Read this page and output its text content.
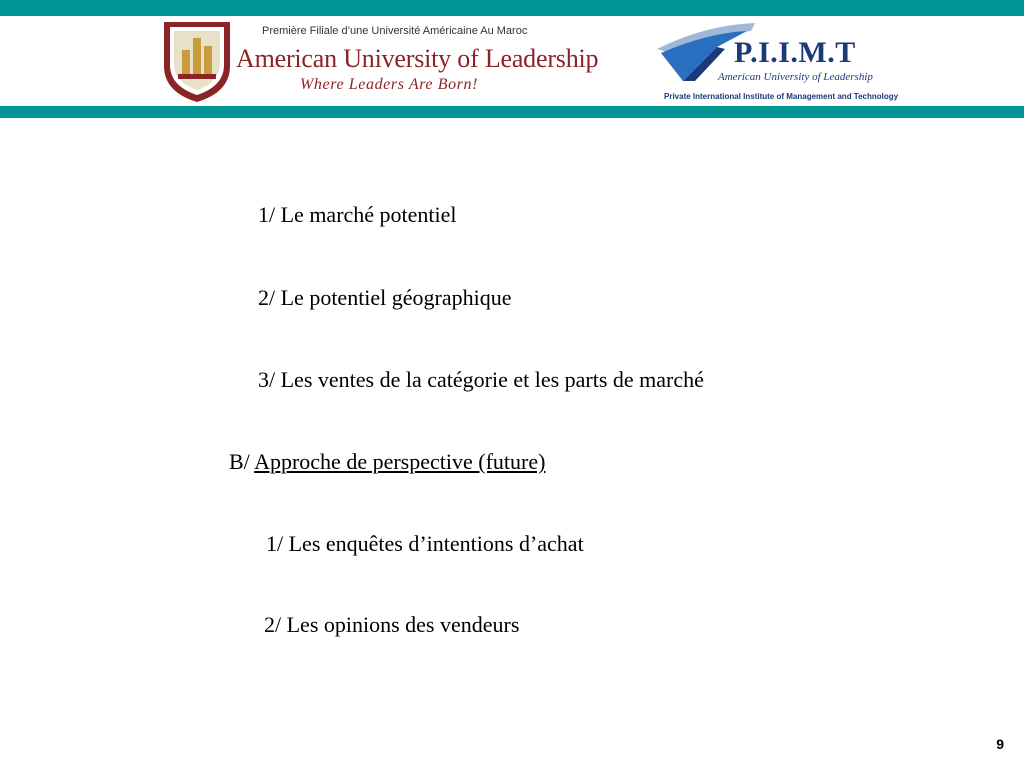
Première Filiale d’une Université Américaine Au Maroc
American University of Leadership
Where Leaders Are Born!
P.I.I.M.T
American University of Leadership
Private International Institute of Management and Technology
1/ Le marché potentiel
2/ Le potentiel géographique
3/ Les ventes de la catégorie et les parts de marché
B/ Approche de perspective (future)
1/ Les enquêtes d’intentions d’achat
2/ Les opinions des vendeurs
9
